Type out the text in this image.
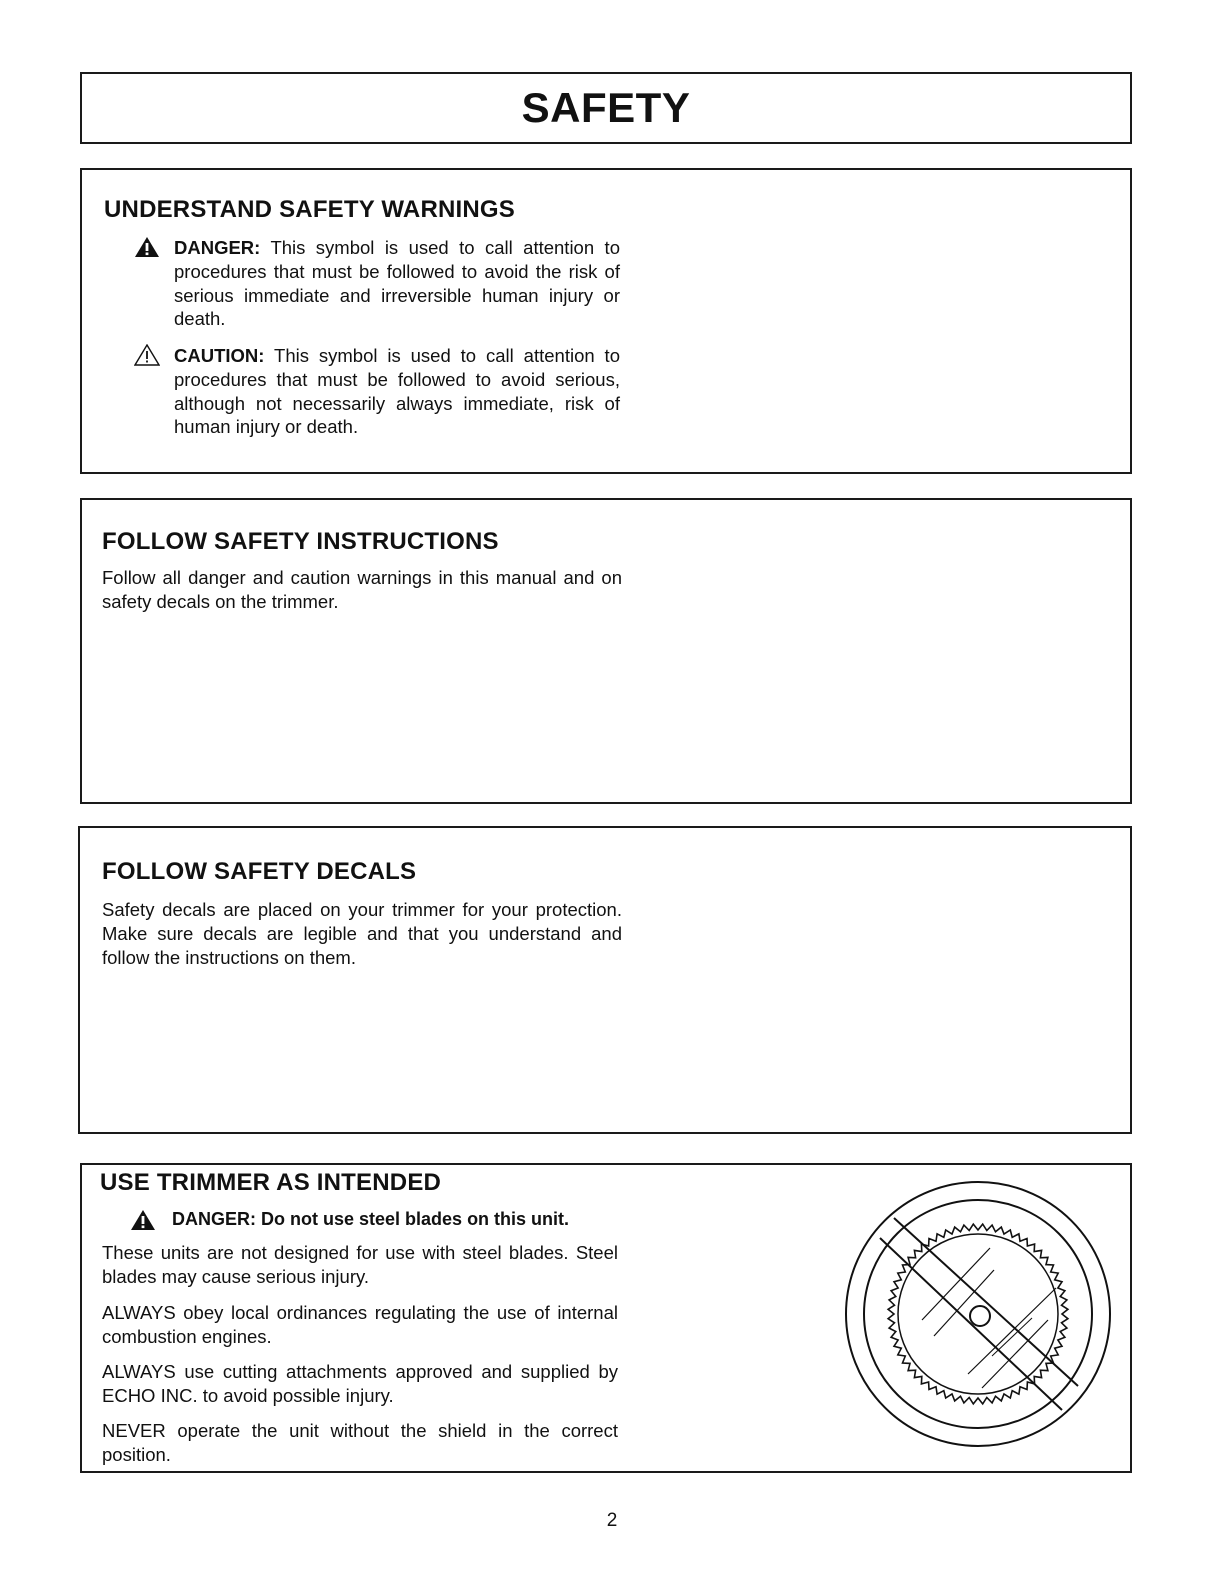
SAFETY
UNDERSTAND SAFETY WARNINGS

DANGER: This symbol is used to call attention to procedures that must be followed to avoid the risk of serious immediate and irreversible human injury or death.

CAUTION: This symbol is used to call attention to procedures that must be followed to avoid serious, although not necessarily always immediate, risk of human injury or death.

FOLLOW SAFETY INSTRUCTIONS

Follow all danger and caution warnings in this manual and on safety decals on the trimmer.

FOLLOW SAFETY DECALS

Safety decals are placed on your trimmer for your protection. Make sure decals are legible and that you understand and follow the instructions on them.

USE TRIMMER AS INTENDED

DANGER: Do not use steel blades on this unit.

These units are not designed for use with steel blades. Steel blades may cause serious injury.

ALWAYS obey local ordinances regulating the use of internal combustion engines.

ALWAYS use cutting attachments approved and supplied by ECHO INC. to avoid possible injury.

NEVER operate the unit without the shield in the correct position.

2
